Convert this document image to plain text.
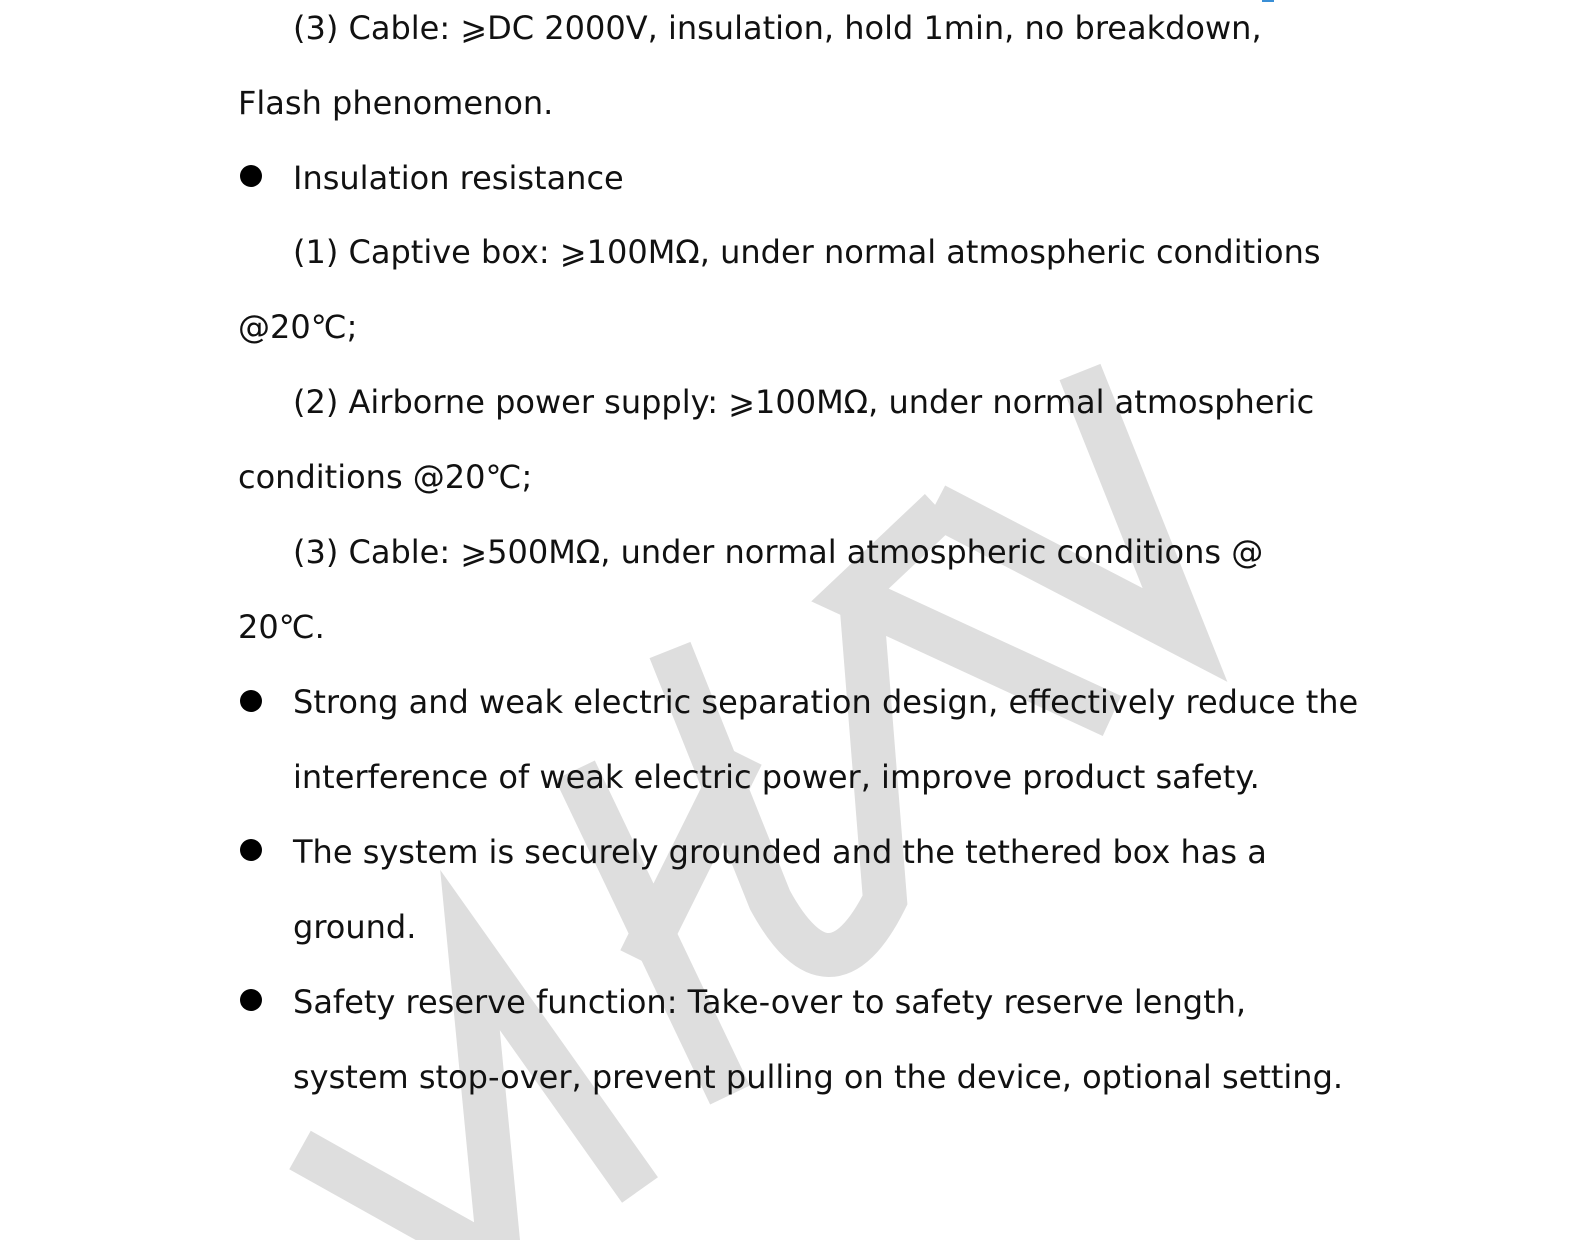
(3) Cable: ⩾DC 2000V, insulation, hold 1min, no breakdown,
Flash phenomenon.
Insulation resistance
(1) Captive box: ⩾100MΩ, under normal atmospheric conditions
@20℃;
(2) Airborne power supply: ⩾100MΩ, under normal atmospheric
conditions @20℃;
(3) Cable: ⩾500MΩ, under normal atmospheric conditions @
20℃.
Strong and weak electric separation design, effectively reduce the
interference of weak electric power, improve product safety.
The system is securely grounded and the tethered box has a
ground.
Safety reserve function: Take-over to safety reserve length,
system stop-over, prevent pulling on the device, optional setting.
